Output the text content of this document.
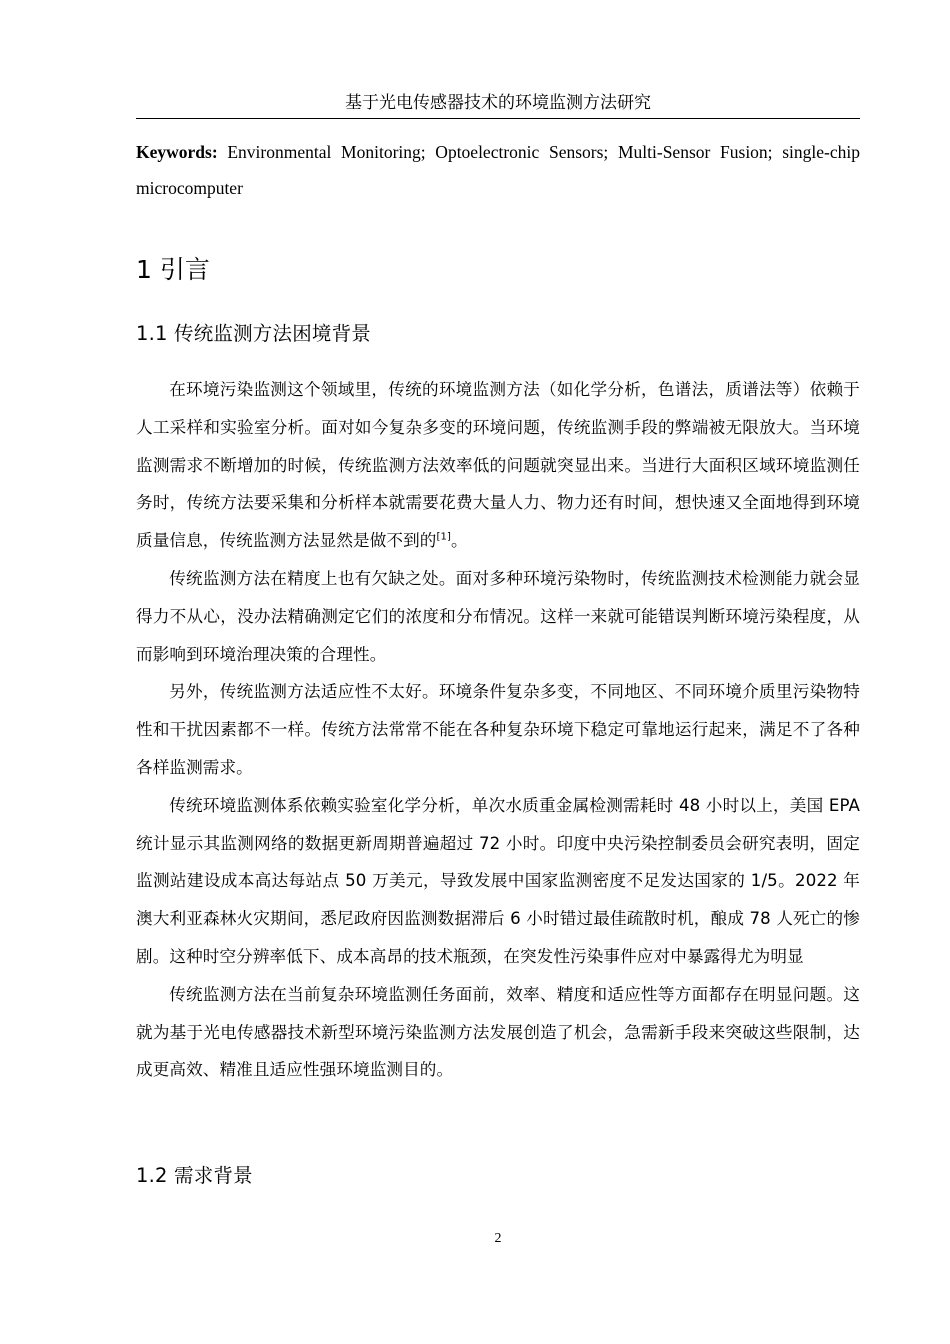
基于光电传感器技术的环境监测方法研究
Keywords: Environmental Monitoring; Optoelectronic Sensors; Multi-Sensor Fusion; single-chip microcomputer
1 引言
1.1 传统监测方法困境背景

在环境污染监测这个领域里，传统的环境监测方法（如化学分析，色谱法，质谱法等）依赖于人工采样和实验室分析。面对如今复杂多变的环境问题，传统监测手段的弊端被无限放大。当环境监测需求不断增加的时候，传统监测方法效率低的问题就突显出来。当进行大面积区域环境监测任务时，传统方法要采集和分析样本就需要花费大量人力、物力还有时间，想快速又全面地得到环境质量信息，传统监测方法显然是做不到的[1]。

传统监测方法在精度上也有欠缺之处。面对多种环境污染物时，传统监测技术检测能力就会显得力不从心，没办法精确测定它们的浓度和分布情况。这样一来就可能错误判断环境污染程度，从而影响到环境治理决策的合理性。

另外，传统监测方法适应性不太好。环境条件复杂多变，不同地区、不同环境介质里污染物特性和干扰因素都不一样。传统方法常常不能在各种复杂环境下稳定可靠地运行起来，满足不了各种各样监测需求。

传统环境监测体系依赖实验室化学分析，单次水质重金属检测需耗时 48 小时以上，美国 EPA 统计显示其监测网络的数据更新周期普遍超过 72 小时。印度中央污染控制委员会研究表明，固定监测站建设成本高达每站点 50 万美元，导致发展中国家监测密度不足发达国家的 1/5。2022 年澳大利亚森林火灾期间，悉尼政府因监测数据滞后 6 小时错过最佳疏散时机，酿成 78 人死亡的惨剧。这种时空分辨率低下、成本高昂的技术瓶颈，在突发性污染事件应对中暴露得尤为明显

传统监测方法在当前复杂环境监测任务面前，效率、精度和适应性等方面都存在明显问题。这就为基于光电传感器技术新型环境污染监测方法发展创造了机会，急需新手段来突破这些限制，达成更高效、精准且适应性强环境监测目的。

1.2 需求背景
2
